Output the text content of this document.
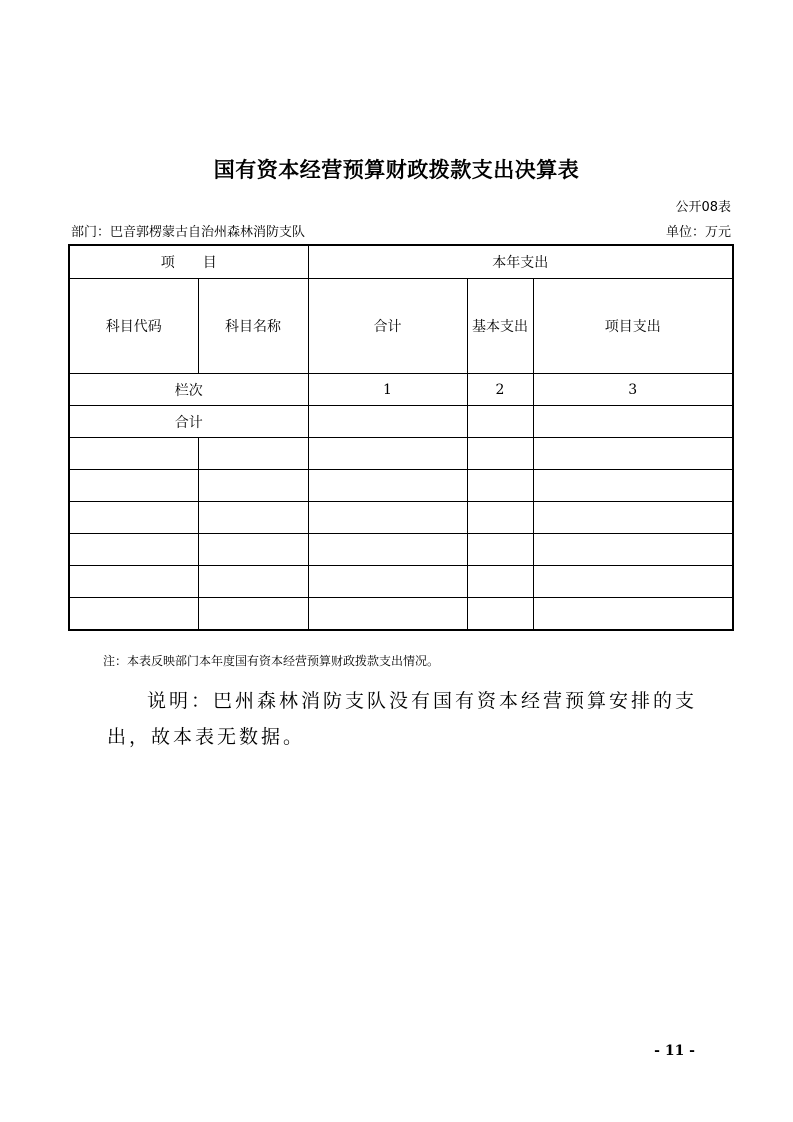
国有资本经营预算财政拨款支出决算表
公开08表
部门：巴音郭楞蒙古自治州森林消防支队	单位：万元
项　　目		本年支出		
科目代码	科目名称	合计	基本支出	项目支出
栏次		1	2	3
合计				

注：本表反映部门本年度国有资本经营预算财政拨款支出情况。
说明：巴州森林消防支队没有国有资本经营预算安排的支出，故本表无数据。
- 11 -
